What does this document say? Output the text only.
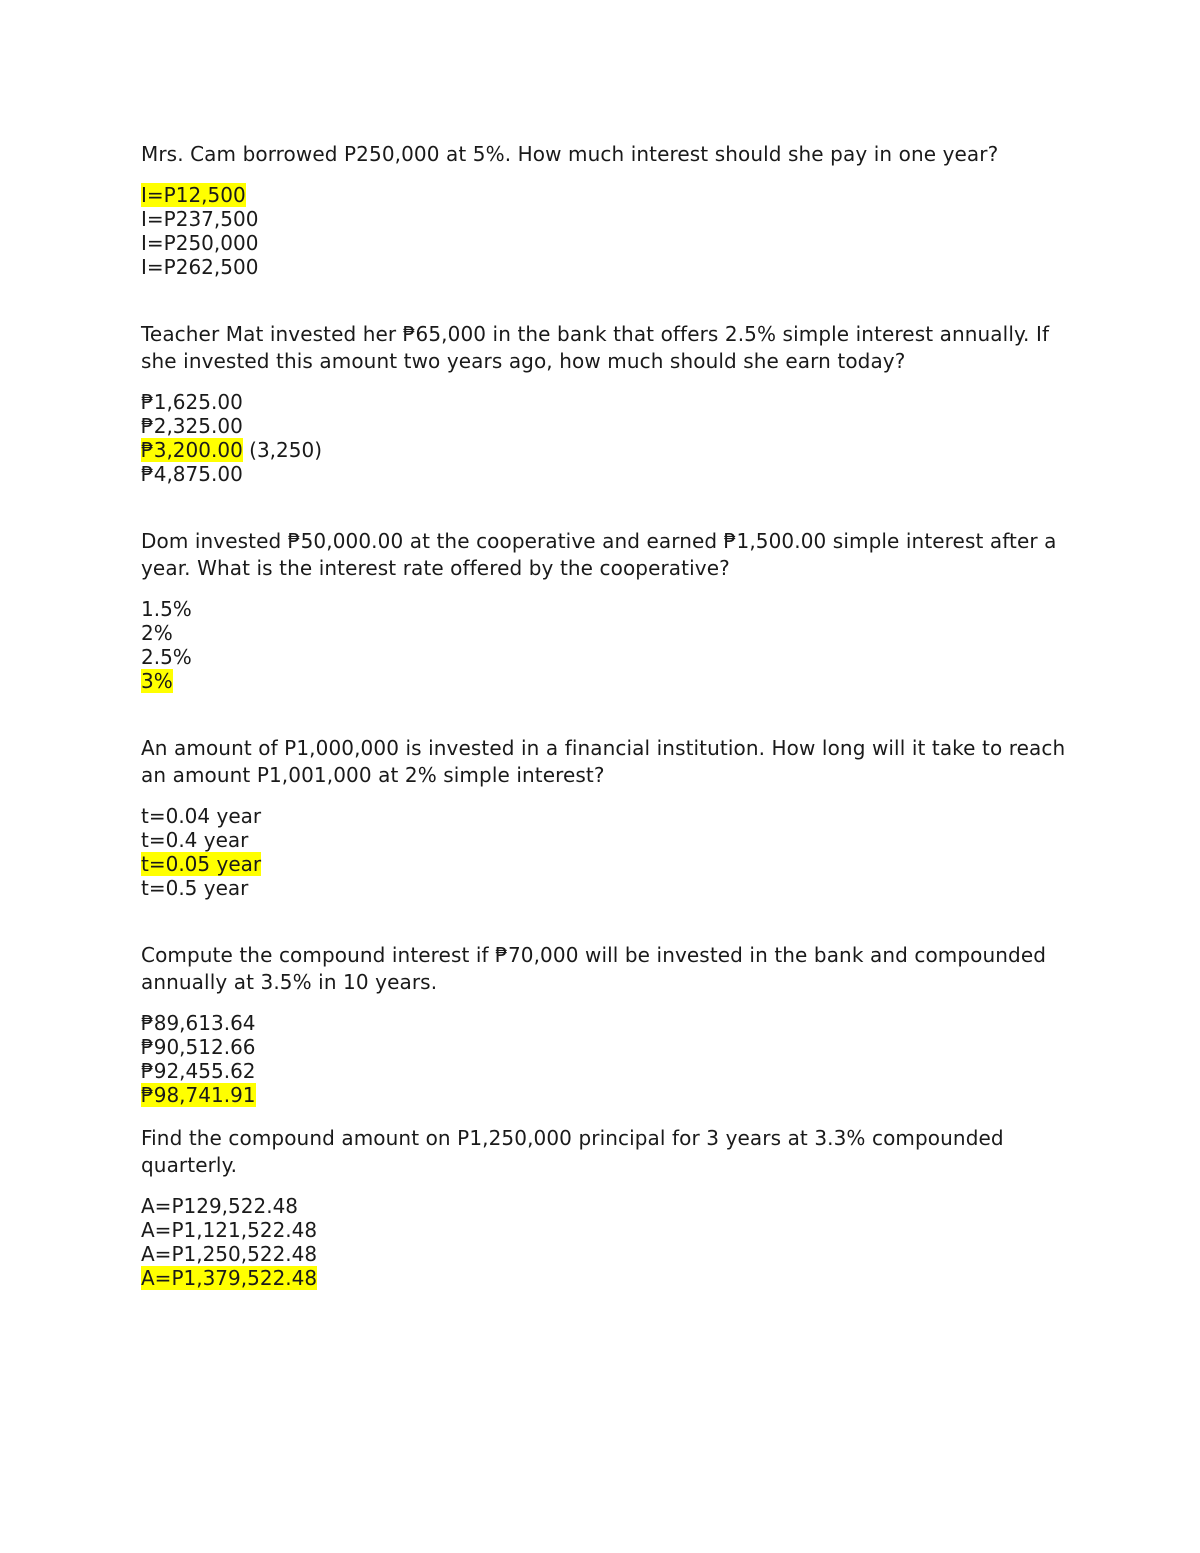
Mrs. Cam borrowed P250,000 at 5%. How much interest should she pay in one year?

I=P12,500
I=P237,500
I=P250,000
I=P262,500

Teacher Mat invested her ₱65,000 in the bank that offers 2.5% simple interest annually. If she invested this amount two years ago, how much should she earn today?

₱1,625.00
₱2,325.00
₱3,200.00 (3,250)
₱4,875.00

Dom invested ₱50,000.00 at the cooperative and earned ₱1,500.00 simple interest after a year. What is the interest rate offered by the cooperative?

1.5%
2%
2.5%
3%

An amount of P1,000,000 is invested in a financial institution. How long will it take to reach an amount P1,001,000 at 2% simple interest?

t=0.04 year
t=0.4 year
t=0.05 year
t=0.5 year

Compute the compound interest if ₱70,000 will be invested in the bank and compounded annually at 3.5% in 10 years.

₱89,613.64
₱90,512.66
₱92,455.62
₱98,741.91

Find the compound amount on P1,250,000 principal for 3 years at 3.3% compounded quarterly.

A=P129,522.48
A=P1,121,522.48
A=P1,250,522.48
A=P1,379,522.48
